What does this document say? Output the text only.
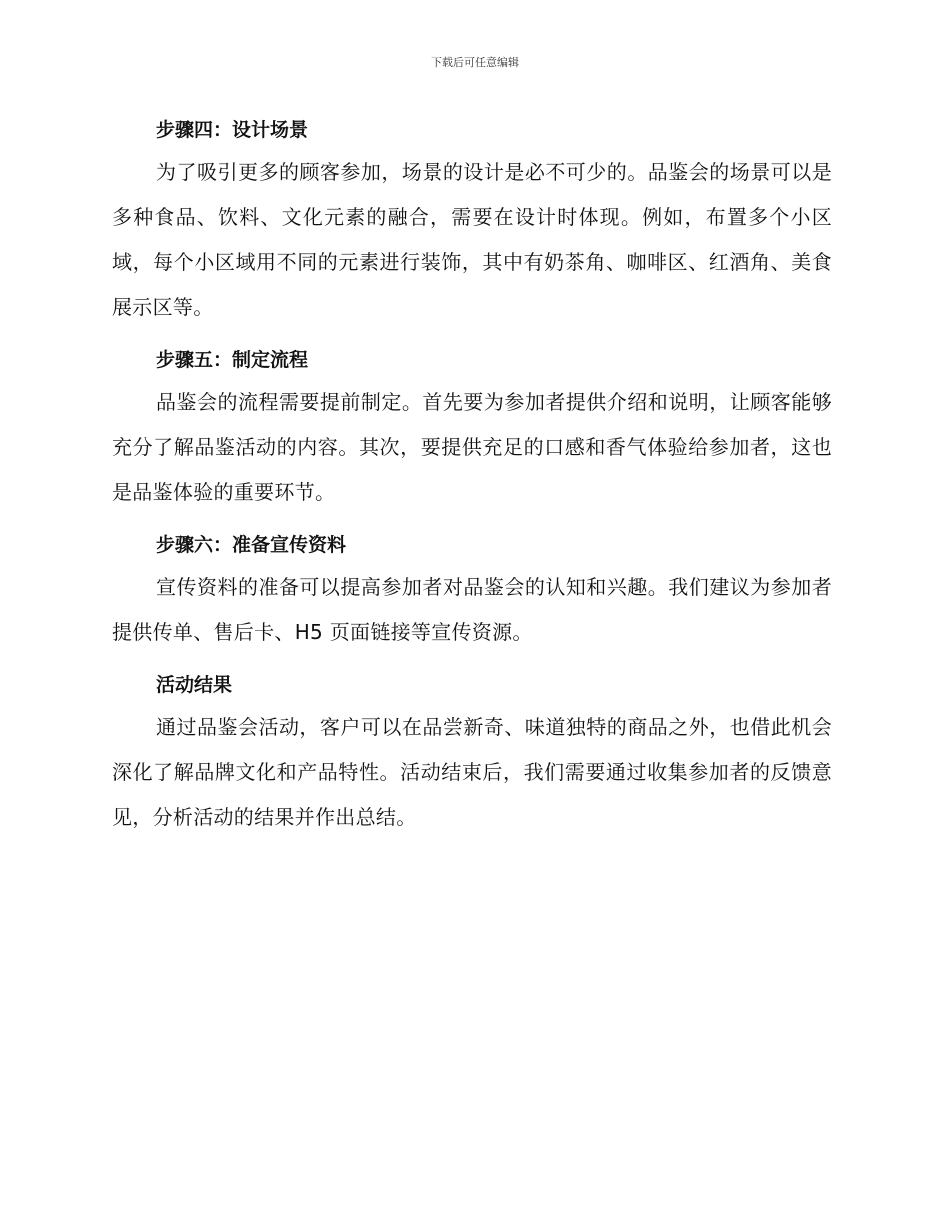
下载后可任意编辑
步骤四：设计场景

为了吸引更多的顾客参加，场景的设计是必不可少的。品鉴会的场景可以是多种食品、饮料、文化元素的融合，需要在设计时体现。例如，布置多个小区域，每个小区域用不同的元素进行装饰，其中有奶茶角、咖啡区、红酒角、美食展示区等。

步骤五：制定流程

品鉴会的流程需要提前制定。首先要为参加者提供介绍和说明，让顾客能够充分了解品鉴活动的内容。其次，要提供充足的口感和香气体验给参加者，这也是品鉴体验的重要环节。

步骤六：准备宣传资料

宣传资料的准备可以提高参加者对品鉴会的认知和兴趣。我们建议为参加者提供传单、售后卡、H5 页面链接等宣传资源。

活动结果

通过品鉴会活动，客户可以在品尝新奇、味道独特的商品之外，也借此机会深化了解品牌文化和产品特性。活动结束后，我们需要通过收集参加者的反馈意见，分析活动的结果并作出总结。
